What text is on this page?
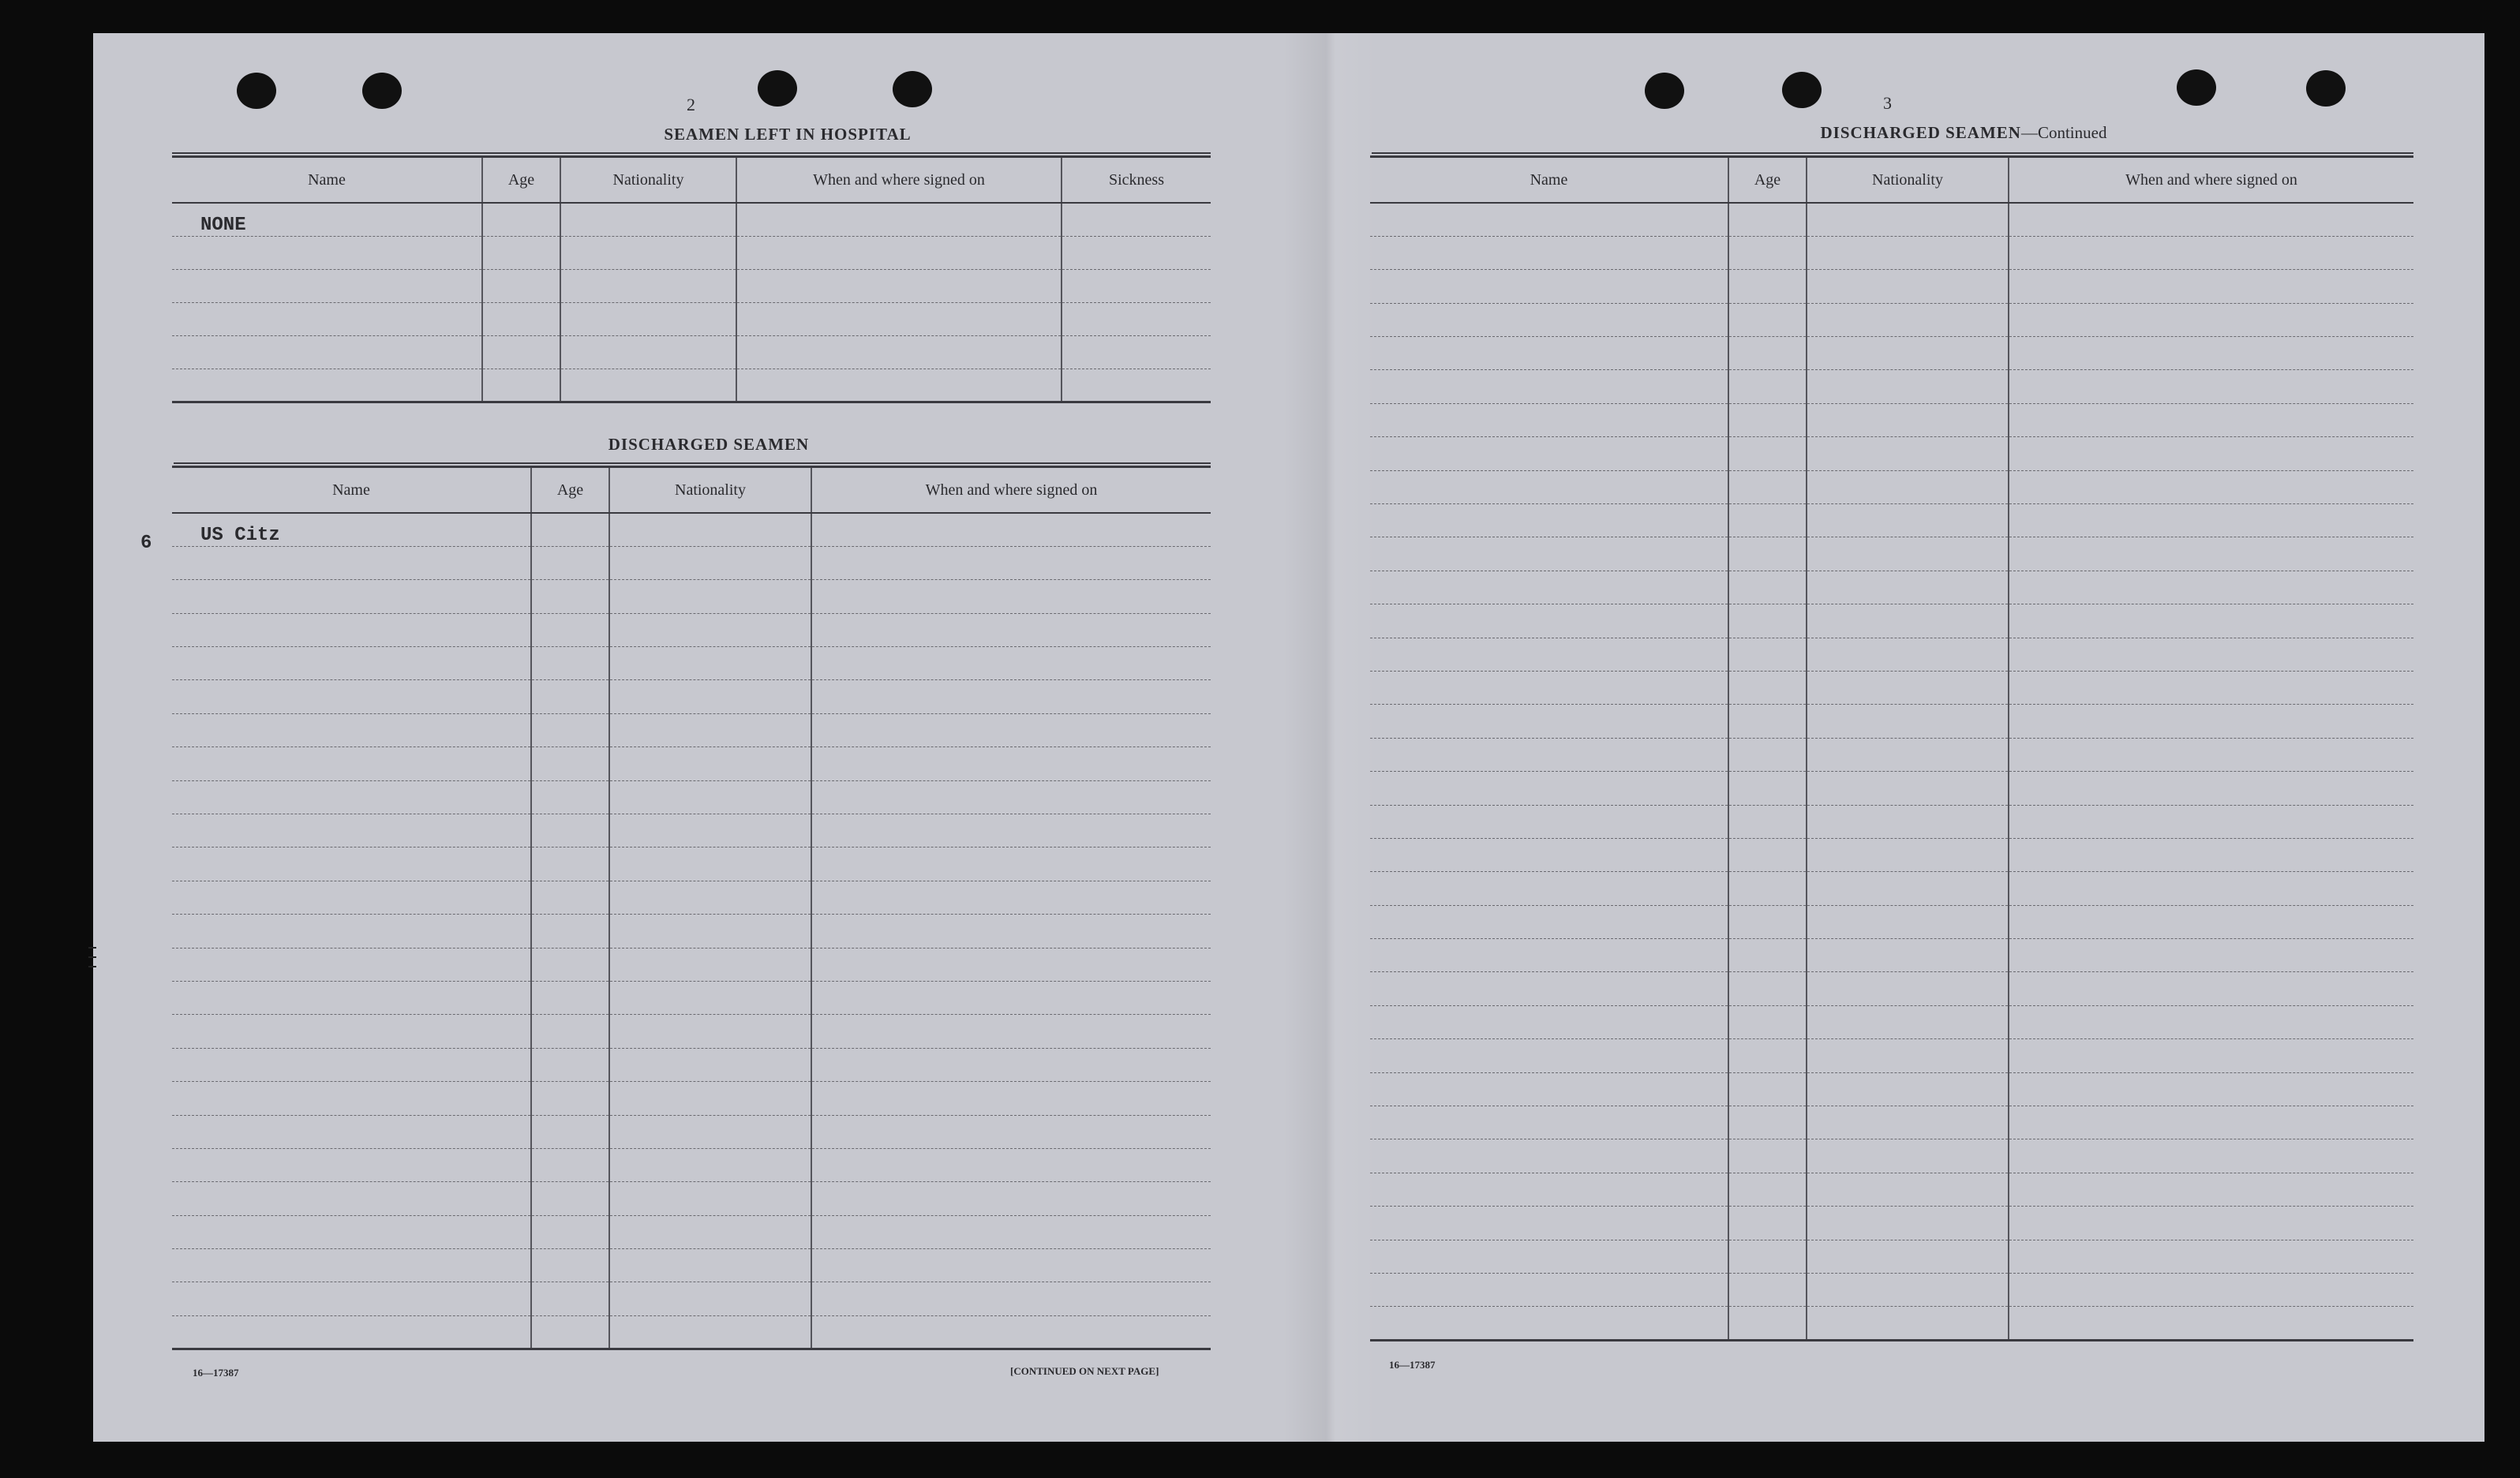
2
SEAMEN LEFT IN HOSPITAL
Name	Age	Nationality	When and where signed on	Sickness
NONE				

DISCHARGED SEAMEN
Name	Age	Nationality	When and where signed on
US Citz			

6
16—17387	[CONTINUED ON NEXT PAGE]
3
DISCHARGED SEAMEN—Continued
Name	Age	Nationality	When and where signed on

16—17387
